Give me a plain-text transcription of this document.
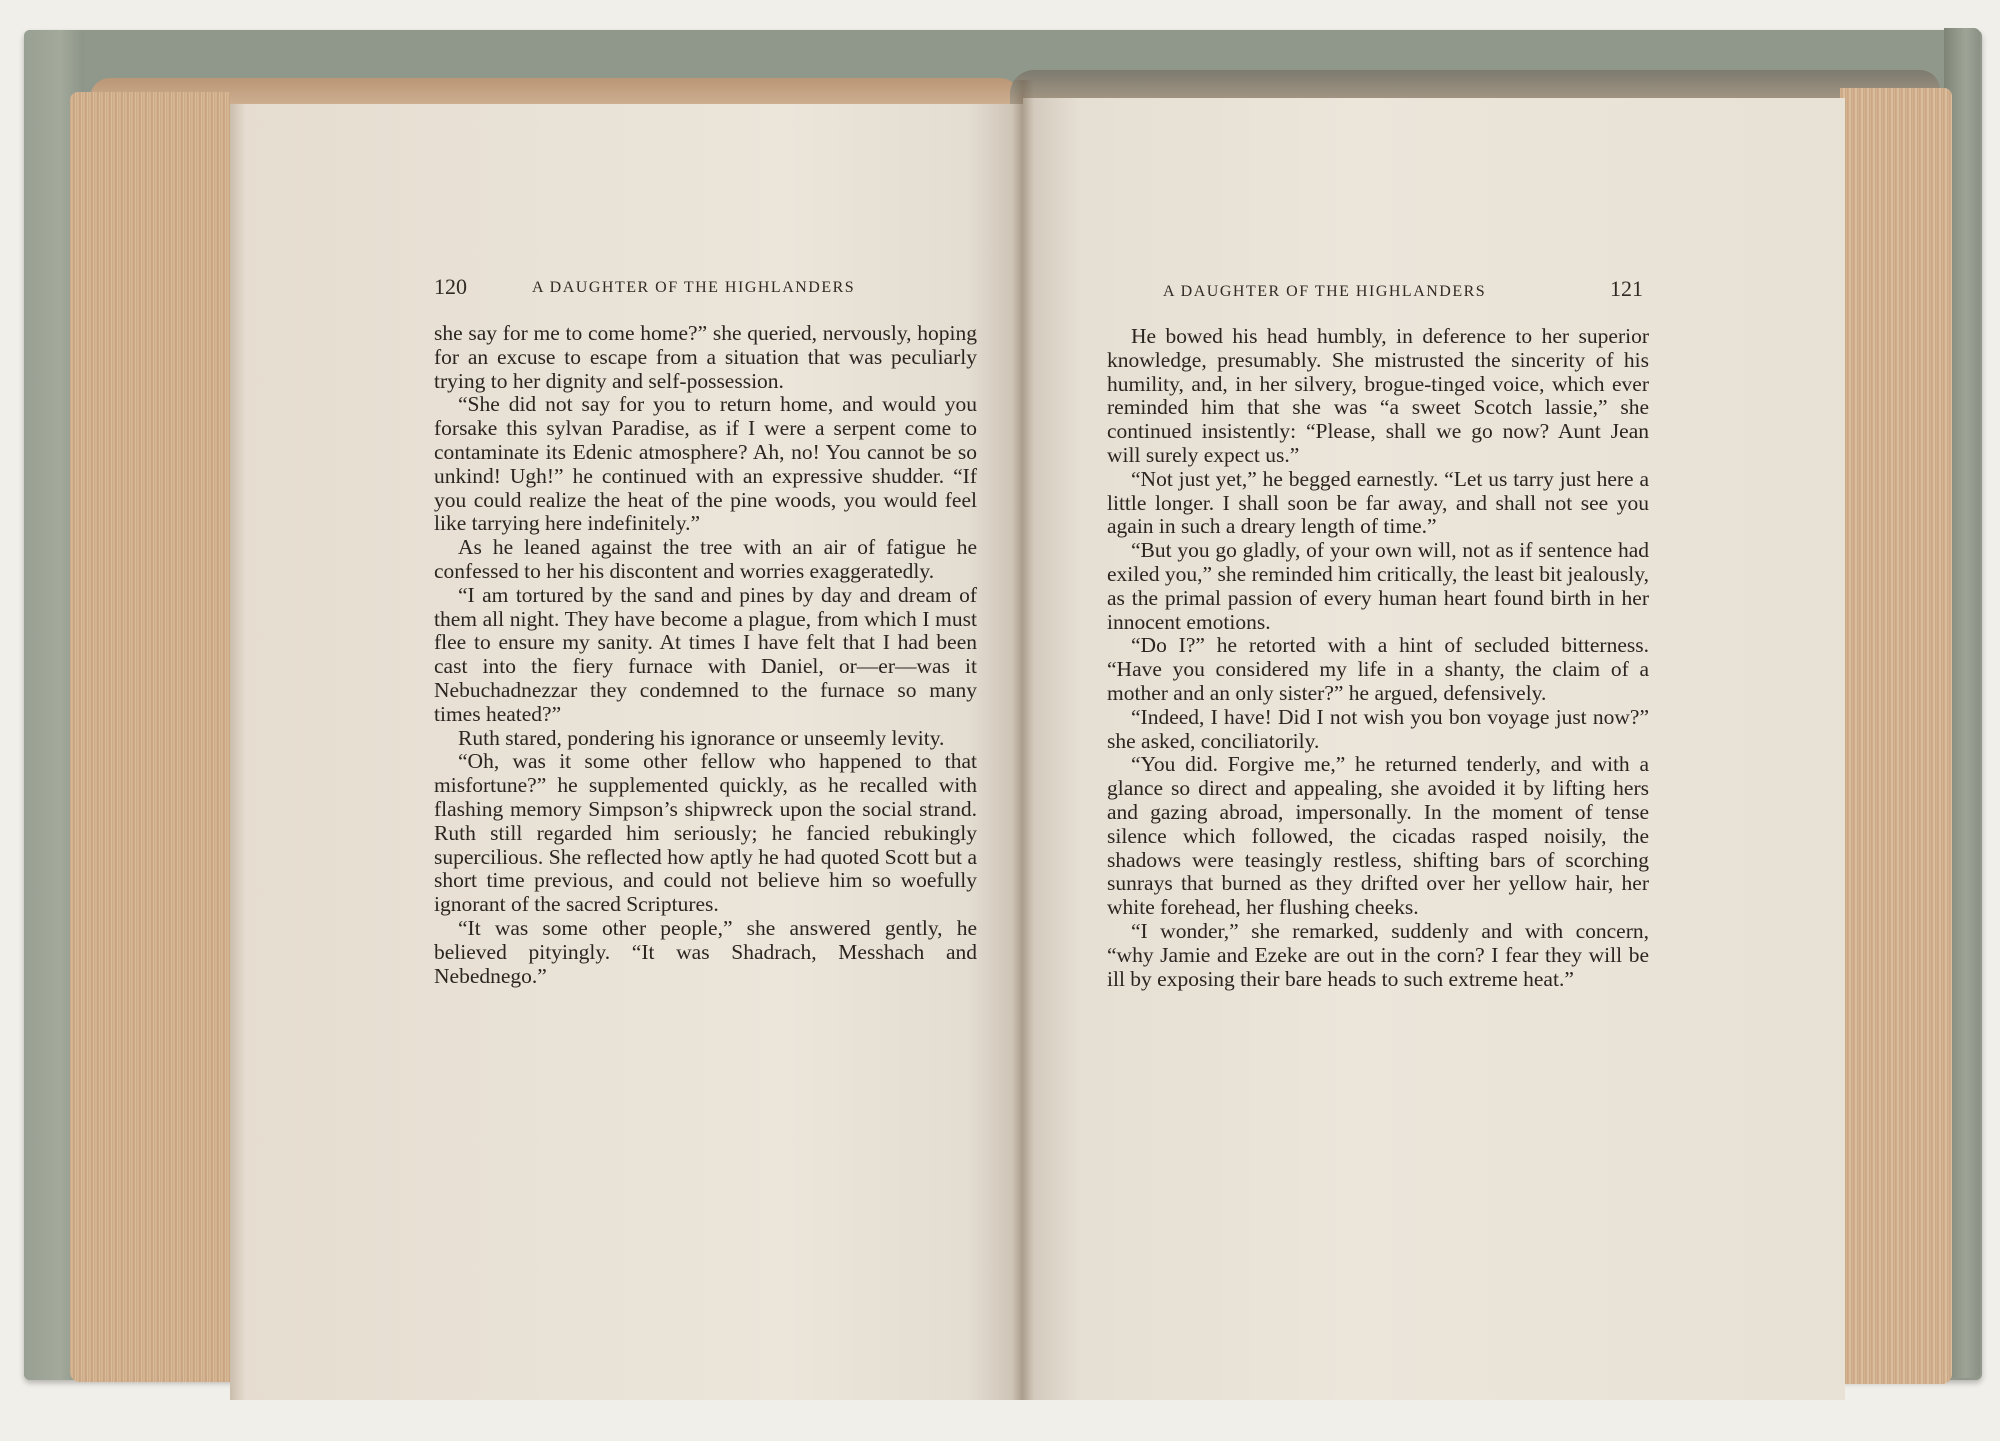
120	A DAUGHTER OF THE HIGHLANDERS

she say for me to come home?” she queried, nervously, hoping for an excuse to escape from a situation that was peculiarly trying to her dignity and self-possession.

“She did not say for you to return home, and would you forsake this sylvan Paradise, as if I were a serpent come to contaminate its Edenic atmosphere? Ah, no! You cannot be so unkind! Ugh!” he continued with an expressive shudder. “If you could realize the heat of the pine woods, you would feel like tarrying here indefinitely.”

As he leaned against the tree with an air of fatigue he confessed to her his discontent and worries exaggeratedly.

“I am tortured by the sand and pines by day and dream of them all night. They have become a plague, from which I must flee to ensure my sanity. At times I have felt that I had been cast into the fiery furnace with Daniel, or—er—was it Nebuchadnezzar they condemned to the furnace so many times heated?”

Ruth stared, pondering his ignorance or unseemly levity.

“Oh, was it some other fellow who happened to that misfortune?” he supplemented quickly, as he recalled with flashing memory Simpson’s shipwreck upon the social strand. Ruth still regarded him seriously; he fancied rebukingly supercilious. She reflected how aptly he had quoted Scott but a short time previous, and could not believe him so woefully ignorant of the sacred Scriptures.

“It was some other people,” she answered gently, he believed pityingly. “It was Shadrach, Messhach and Nebednego.”

A DAUGHTER OF THE HIGHLANDERS	121

He bowed his head humbly, in deference to her superior knowledge, presumably. She mistrusted the sincerity of his humility, and, in her silvery, brogue-tinged voice, which ever reminded him that she was “a sweet Scotch lassie,” she continued insistently: “Please, shall we go now? Aunt Jean will surely expect us.”

“Not just yet,” he begged earnestly. “Let us tarry just here a little longer. I shall soon be far away, and shall not see you again in such a dreary length of time.”

“But you go gladly, of your own will, not as if sentence had exiled you,” she reminded him critically, the least bit jealously, as the primal passion of every human heart found birth in her innocent emotions.

“Do I?” he retorted with a hint of secluded bitterness. “Have you considered my life in a shanty, the claim of a mother and an only sister?” he argued, defensively.

“Indeed, I have! Did I not wish you bon voyage just now?” she asked, conciliatorily.

“You did. Forgive me,” he returned tenderly, and with a glance so direct and appealing, she avoided it by lifting hers and gazing abroad, impersonally. In the moment of tense silence which followed, the cicadas rasped noisily, the shadows were teasingly restless, shifting bars of scorching sunrays that burned as they drifted over her yellow hair, her white forehead, her flushing cheeks.

“I wonder,” she remarked, suddenly and with concern, “why Jamie and Ezeke are out in the corn? I fear they will be ill by exposing their bare heads to such extreme heat.”
